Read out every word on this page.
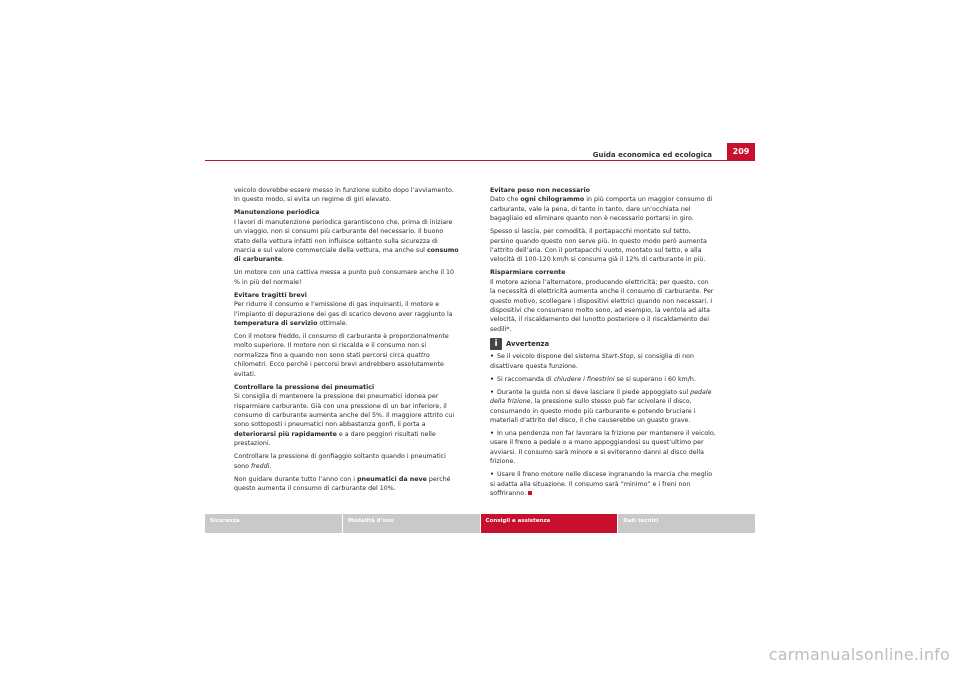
Guida economica ed ecologica	209

veicolo dovrebbe essere messo in funzione subito dopo l’avviamento. In questo modo, si evita un regime di giri elevato.

Manutenzione periodica

I lavori di manutenzione periodica garantiscono che, prima di iniziare un viaggio, non si consumi più carburante del necessario. Il buono stato della vettura infatti non influisce soltanto sulla sicurezza di marcia e sul valore commerciale della vettura, ma anche sul consumo di carburante.

Un motore con una cattiva messa a punto può consumare anche il 10 % in più del normale!

Evitare tragitti brevi

Per ridurre il consumo e l’emissione di gas inquinanti, il motore e l’impianto di depurazione dei gas di scarico devono aver raggiunto la temperatura di servizio ottimale.

Con il motore freddo, il consumo di carburante è proporzionalmente molto superiore. Il motore non si riscalda e il consumo non si normalizza fino a quando non sono stati percorsi circa quattro chilometri. Ecco perché i percorsi brevi andrebbero assolutamente evitati.

Controllare la pressione dei pneumatici

Si consiglia di mantenere la pressione dei pneumatici idonea per risparmiare carburante. Già con una pressione di un bar inferiore, il consumo di carburante aumenta anche del 5%. Il maggiore attrito cui sono sottoposti i pneumatici non abbastanza gonfi, li porta a deteriorarsi più rapidamente e a dare peggiori risultati nelle prestazioni.

Controllare la pressione di gonfiaggio soltanto quando i pneumatici sono freddi.

Non guidare durante tutto l’anno con i pneumatici da neve perché questo aumenta il consumo di carburante del 10%.

Evitare peso non necessario

Dato che ogni chilogrammo in più comporta un maggior consumo di carburante, vale la pena, di tanto in tanto, dare un’occhiata nel bagagliaio ed eliminare quanto non è necessario portarsi in giro.

Spesso si lascia, per comodità, il portapacchi montato sul tetto, persino quando questo non serve più. In questo modo però aumenta l’attrito dell’aria. Con il portapacchi vuoto, montato sul tetto, e alla velocità di 100-120 km/h si consuma già il 12% di carburante in più.

Risparmiare corrente

Il motore aziona l’alternatore, producendo elettricità; per questo, con la necessità di elettricità aumenta anche il consumo di carburante. Per questo motivo, scollegare i dispositivi elettrici quando non necessari. I dispositivi che consumano molto sono, ad esempio, la ventola ad alta velocità, il riscaldamento del lunotto posteriore o il riscaldamento dei sedili*.

i	Avvertenza

• Se il veicolo dispone del sistema Start-Stop, si consiglia di non disattivare questa funzione.

• Si raccomanda di chiudere i finestrini se si superano i 60 km/h.

• Durante la guida non si deve lasciare il piede appoggiato sul pedale della frizione, la pressione sullo stesso può far scivolare il disco, consumando in questo modo più carburante e potendo bruciare i materiali d’attrito del disco, il che causerebbe un guasto grave.

• In una pendenza non far lavorare la frizione per mantenere il veicolo, usare il freno a pedale o a mano appoggiandosi su quest’ultimo per avviarsi. Il consumo sarà minore e si eviteranno danni al disco della frizione.

• Usare il freno motore nelle discese ingranando la marcia che meglio si adatta alla situazione. Il consumo sarà “minimo” e i freni non soffriranno.

Sicurezza	Modalità d’uso	Consigli e assistenza	Dati tecnici
carmanualsonline.info
